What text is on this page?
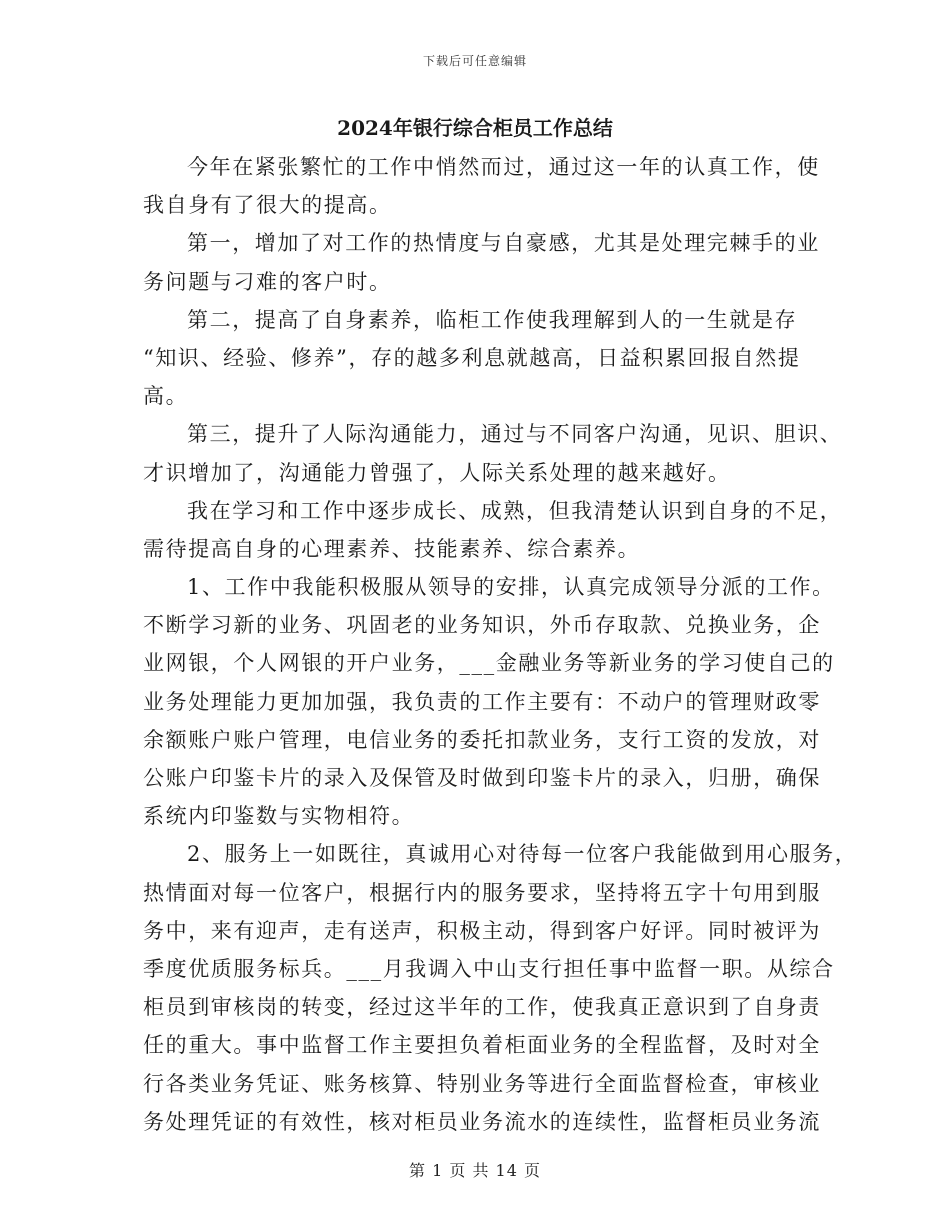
下载后可任意编辑
2024年银行综合柜员工作总结
今年在紧张繁忙的工作中悄然而过，通过这一年的认真工作，使
我自身有了很大的提高。
第一，增加了对工作的热情度与自豪感，尤其是处理完棘手的业
务问题与刁难的客户时。
第二，提高了自身素养，临柜工作使我理解到人的一生就是存
“知识、经验、修养”，存的越多利息就越高，日益积累回报自然提
高。
第三，提升了人际沟通能力，通过与不同客户沟通，见识、胆识、
才识增加了，沟通能力曾强了，人际关系处理的越来越好。
我在学习和工作中逐步成长、成熟，但我清楚认识到自身的不足，
需待提高自身的心理素养、技能素养、综合素养。
1、工作中我能积极服从领导的安排，认真完成领导分派的工作。
不断学习新的业务、巩固老的业务知识，外币存取款、兑换业务，企
业网银，个人网银的开户业务，___金融业务等新业务的学习使自己的
业务处理能力更加加强，我负责的工作主要有：不动户的管理财政零
余额账户账户管理，电信业务的委托扣款业务，支行工资的发放，对
公账户印鉴卡片的录入及保管及时做到印鉴卡片的录入，归册，确保
系统内印鉴数与实物相符。
2、服务上一如既往，真诚用心对待每一位客户我能做到用心服务，
热情面对每一位客户，根据行内的服务要求，坚持将五字十句用到服
务中，来有迎声，走有送声，积极主动，得到客户好评。同时被评为
季度优质服务标兵。___月我调入中山支行担任事中监督一职。从综合
柜员到审核岗的转变，经过这半年的工作，使我真正意识到了自身责
任的重大。事中监督工作主要担负着柜面业务的全程监督，及时对全
行各类业务凭证、账务核算、特别业务等进行全面监督检查，审核业
务处理凭证的有效性，核对柜员业务流水的连续性，监督柜员业务流
第 1 页 共 14 页
